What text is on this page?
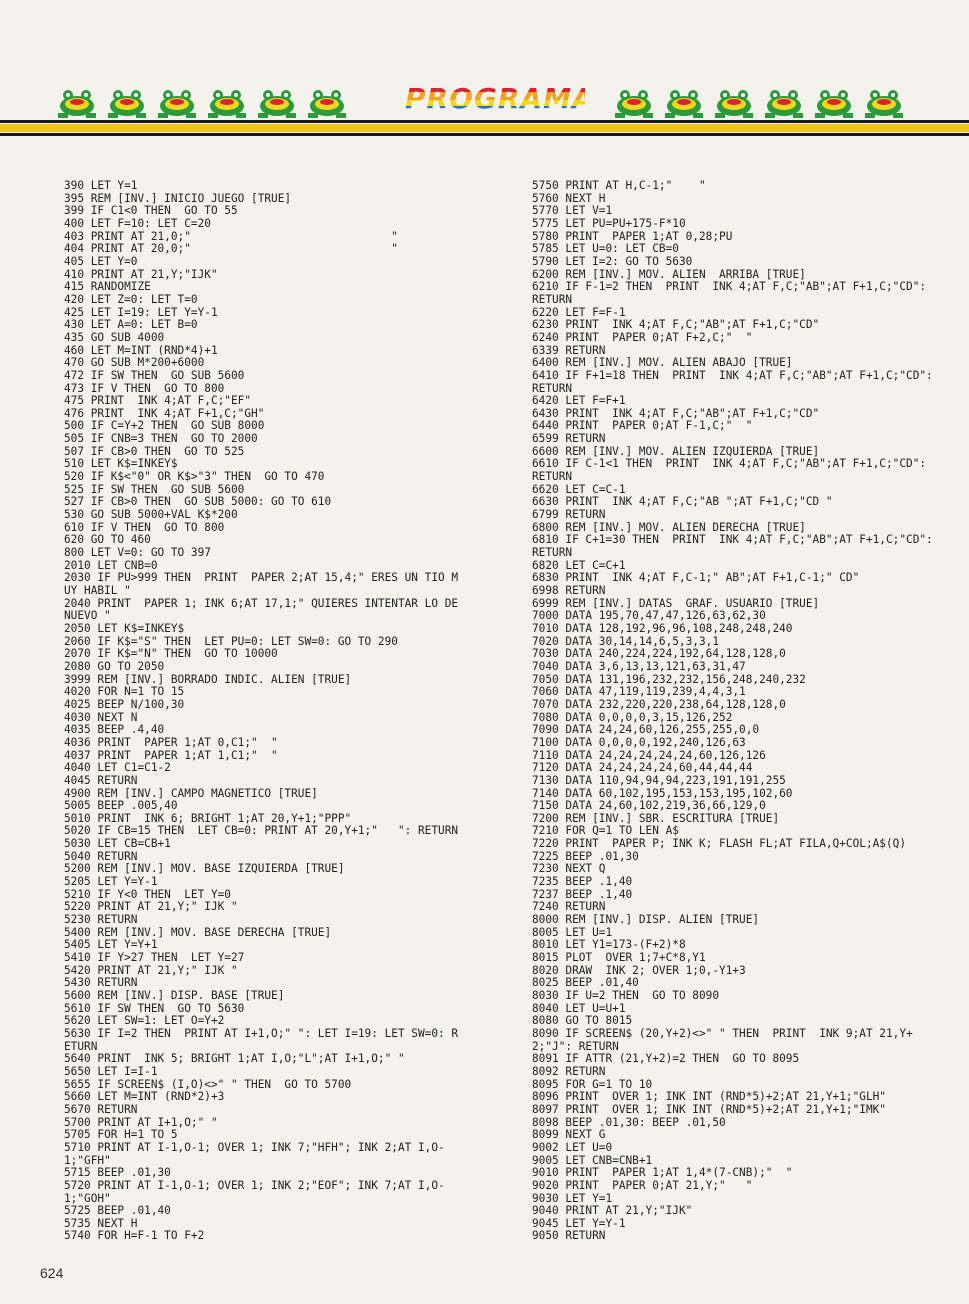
PROGRAMA
390 LET Y=1
395 REM [INV.] INICIO JUEGO [TRUE]
399 IF C1<0 THEN  GO TO 55
400 LET F=10: LET C=20
403 PRINT AT 21,0;"                              "
404 PRINT AT 20,0;"                              "
405 LET Y=0
410 PRINT AT 21,Y;"IJK"
415 RANDOMIZE
420 LET Z=0: LET T=0
425 LET I=19: LET Y=Y-1
430 LET A=0: LET B=0
435 GO SUB 4000
460 LET M=INT (RND*4)+1
470 GO SUB M*200+6000
472 IF SW THEN  GO SUB 5600
473 IF V THEN  GO TO 800
475 PRINT  INK 4;AT F,C;"EF"
476 PRINT  INK 4;AT F+1,C;"GH"
500 IF C=Y+2 THEN  GO SUB 8000
505 IF CNB=3 THEN  GO TO 2000
507 IF CB>0 THEN  GO TO 525
510 LET K$=INKEY$
520 IF K$<"0" OR K$>"3" THEN  GO TO 470
525 IF SW THEN  GO SUB 5600
527 IF CB>0 THEN  GO SUB 5000: GO TO 610
530 GO SUB 5000+VAL K$*200
610 IF V THEN  GO TO 800
620 GO TO 460
800 LET V=0: GO TO 397
2010 LET CNB=0
2030 IF PU>999 THEN  PRINT  PAPER 2;AT 15,4;" ERES UN TIO MUY HABIL "
2040 PRINT  PAPER 1; INK 6;AT 17,1;" QUIERES INTENTAR LO DE NUEVO "
2050 LET K$=INKEY$
2060 IF K$="S" THEN  LET PU=0: LET SW=0: GO TO 290
2070 IF K$="N" THEN  GO TO 10000
2080 GO TO 2050
3999 REM [INV.] BORRADO INDIC. ALIEN [TRUE]
4020 FOR N=1 TO 15
4025 BEEP N/100,30
4030 NEXT N
4035 BEEP .4,40
4036 PRINT  PAPER 1;AT 0,C1;"  "
4037 PRINT  PAPER 1;AT 1,C1;"  "
4040 LET C1=C1-2
4045 RETURN
4900 REM [INV.] CAMPO MAGNETICO [TRUE]
5005 BEEP .005,40
5010 PRINT  INK 6; BRIGHT 1;AT 20,Y+1;"PPP"
5020 IF CB=15 THEN  LET CB=0: PRINT AT 20,Y+1;"   ": RETURN
5030 LET CB=CB+1
5040 RETURN
5200 REM [INV.] MOV. BASE IZQUIERDA [TRUE]
5205 LET Y=Y-1
5210 IF Y<0 THEN  LET Y=0
5220 PRINT AT 21,Y;" IJK "
5230 RETURN
5400 REM [INV.] MOV. BASE DERECHA [TRUE]
5405 LET Y=Y+1
5410 IF Y>27 THEN  LET Y=27
5420 PRINT AT 21,Y;" IJK "
5430 RETURN
5600 REM [INV.] DISP. BASE [TRUE]
5610 IF SW THEN  GO TO 5630
5620 LET SW=1: LET O=Y+2
5630 IF I=2 THEN  PRINT AT I+1,O;" ": LET I=19: LET SW=0: RETURN
5640 PRINT  INK 5; BRIGHT 1;AT I,O;"L";AT I+1,O;" "
5650 LET I=I-1
5655 IF SCREEN$ (I,O)<>" " THEN  GO TO 5700
5660 LET M=INT (RND*2)+3
5670 RETURN
5700 PRINT AT I+1,O;" "
5705 FOR H=1 TO 5
5710 PRINT AT I-1,O-1; OVER 1; INK 7;"HFH"; INK 2;AT I,O-1;"GFH"
5715 BEEP .01,30
5720 PRINT AT I-1,O-1; OVER 1; INK 2;"EOF"; INK 7;AT I,O-1;"GOH"
5725 BEEP .01,40
5735 NEXT H
5740 FOR H=F-1 TO F+2
5750 PRINT AT H,C-1;"    "
5760 NEXT H
5770 LET V=1
5775 LET PU=PU+175-F*10
5780 PRINT  PAPER 1;AT 0,28;PU
5785 LET U=0: LET CB=0
5790 LET I=2: GO TO 5630
6200 REM [INV.] MOV. ALIEN  ARRIBA [TRUE]
6210 IF F-1=2 THEN  PRINT  INK 4;AT F,C;"AB";AT F+1,C;"CD": RETURN
6220 LET F=F-1
6230 PRINT  INK 4;AT F,C;"AB";AT F+1,C;"CD"
6240 PRINT  PAPER 0;AT F+2,C;"  "
6339 RETURN
6400 REM [INV.] MOV. ALIEN ABAJO [TRUE]
6410 IF F+1=18 THEN  PRINT  INK 4;AT F,C;"AB";AT F+1,C;"CD": RETURN
6420 LET F=F+1
6430 PRINT  INK 4;AT F,C;"AB";AT F+1,C;"CD"
6440 PRINT  PAPER 0;AT F-1,C;"  "
6599 RETURN
6600 REM [INV.] MOV. ALIEN IZQUIERDA [TRUE]
6610 IF C-1<1 THEN  PRINT  INK 4;AT F,C;"AB";AT F+1,C;"CD": RETURN
6620 LET C=C-1
6630 PRINT  INK 4;AT F,C;"AB ";AT F+1,C;"CD "
6799 RETURN
6800 REM [INV.] MOV. ALIEN DERECHA [TRUE]
6810 IF C+1=30 THEN  PRINT  INK 4;AT F,C;"AB";AT F+1,C;"CD": RETURN
6820 LET C=C+1
6830 PRINT  INK 4;AT F,C-1;" AB";AT F+1,C-1;" CD"
6998 RETURN
6999 REM [INV.] DATAS  GRAF. USUARIO [TRUE]
7000 DATA 195,70,47,47,126,63,62,30
7010 DATA 128,192,96,96,108,248,248,240
7020 DATA 30,14,14,6,5,3,3,1
7030 DATA 240,224,224,192,64,128,128,0
7040 DATA 3,6,13,13,121,63,31,47
7050 DATA 131,196,232,232,156,248,240,232
7060 DATA 47,119,119,239,4,4,3,1
7070 DATA 232,220,220,238,64,128,128,0
7080 DATA 0,0,0,0,3,15,126,252
7090 DATA 24,24,60,126,255,255,0,0
7100 DATA 0,0,0,0,192,240,126,63
7110 DATA 24,24,24,24,24,60,126,126
7120 DATA 24,24,24,24,60,44,44,44
7130 DATA 110,94,94,94,223,191,191,255
7140 DATA 60,102,195,153,153,195,102,60
7150 DATA 24,60,102,219,36,66,129,0
7200 REM [INV.] SBR. ESCRITURA [TRUE]
7210 FOR Q=1 TO LEN A$
7220 PRINT  PAPER P; INK K; FLASH FL;AT FILA,Q+COL;A$(Q)
7225 BEEP .01,30
7230 NEXT Q
7235 BEEP .1,40
7237 BEEP .1,40
7240 RETURN
8000 REM [INV.] DISP. ALIEN [TRUE]
8005 LET U=1
8010 LET Y1=173-(F+2)*8
8015 PLOT  OVER 1;7+C*8,Y1
8020 DRAW  INK 2; OVER 1;0,-Y1+3
8025 BEEP .01,40
8030 IF U=2 THEN  GO TO 8090
8040 LET U=U+1
8080 GO TO 8015
8090 IF SCREEN$ (20,Y+2)<>" " THEN  PRINT  INK 9;AT 21,Y+2;"J": RETURN
8091 IF ATTR (21,Y+2)=2 THEN  GO TO 8095
8092 RETURN
8095 FOR G=1 TO 10
8096 PRINT  OVER 1; INK INT (RND*5)+2;AT 21,Y+1;"GLH"
8097 PRINT  OVER 1; INK INT (RND*5)+2;AT 21,Y+1;"IMK"
8098 BEEP .01,30: BEEP .01,50
8099 NEXT G
9002 LET U=0
9005 LET CNB=CNB+1
9010 PRINT  PAPER 1;AT 1,4*(7-CNB);"  "
9020 PRINT  PAPER 0;AT 21,Y;"   "
9030 LET Y=1
9040 PRINT AT 21,Y;"IJK"
9045 LET Y=Y-1
9050 RETURN
624
